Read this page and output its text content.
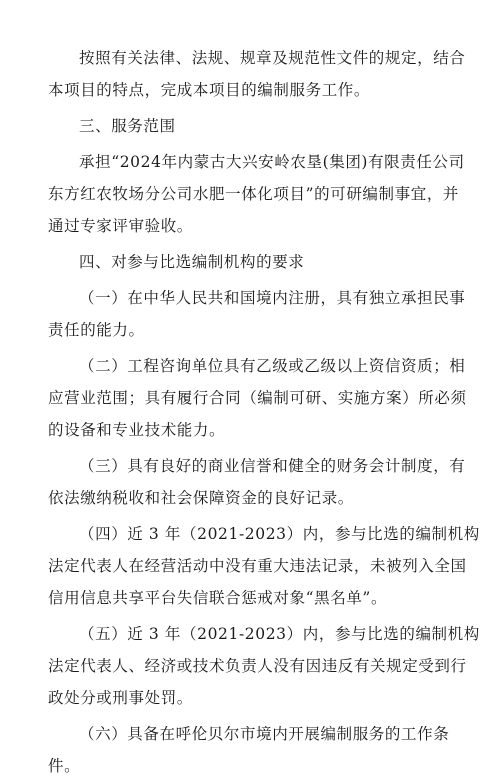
按照有关法律、法规、规章及规范性文件的规定，结合
本项目的特点，完成本项目的编制服务工作。

三、服务范围

承担“2024年内蒙古大兴安岭农垦(集团)有限责任公司
东方红农牧场分公司水肥一体化项目”的可研编制事宜，并
通过专家评审验收。

四、对参与比选编制机构的要求

（一）在中华人民共和国境内注册，具有独立承担民事
责任的能力。

（二）工程咨询单位具有乙级或乙级以上资信资质；相
应营业范围；具有履行合同（编制可研、实施方案）所必须
的设备和专业技术能力。

（三）具有良好的商业信誉和健全的财务会计制度，有
依法缴纳税收和社会保障资金的良好记录。

（四）近 3 年（2021-2023）内，参与比选的编制机构
法定代表人在经营活动中没有重大违法记录，未被列入全国
信用信息共享平台失信联合惩戒对象“黑名单”。

（五）近 3 年（2021-2023）内，参与比选的编制机构
法定代表人、经济或技术负责人没有因违反有关规定受到行
政处分或刑事处罚。

（六）具备在呼伦贝尔市境内开展编制服务的工作条
件。
